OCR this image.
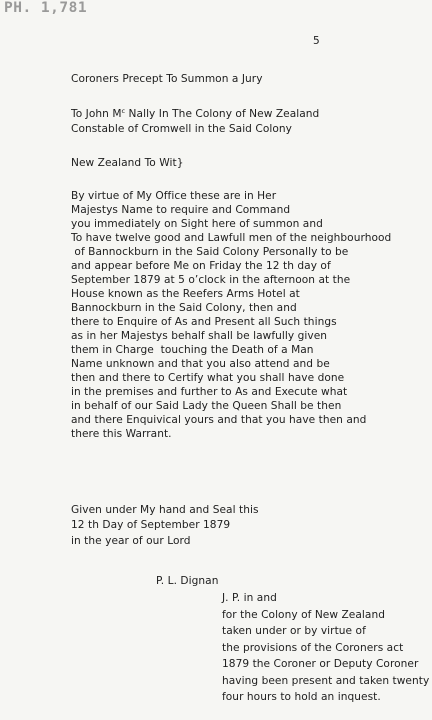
PH. 1,781
5
Coroners Precept To Summon a Jury
To John $M^c$ Nally In The Colony of New Zealand
Constable of Cromwell in the Said Colony
New Zealand To Wit}
By virtue of My Office these are in Her
Majestys Name to require and Command
you immediately on Sight here of summon and
To have twelve good and Lawfull men of the neighbourhood
of Bannockburn in the Said Colony Personally to be
and appear before Me on Friday the 12 th day of
September 1879 at 5 o’clock in the afternoon at the
House known as the Reefers Arms Hotel at
Bannockburn in the Said Colony, then and
there to Enquire of As and Present all Such things
as in her Majestys behalf shall be lawfully given
them in Charge  touching the Death of a Man
Name unknown and that you also attend and be
then and there to Certify what you shall have done
in the premises and further to As and Execute what
in behalf of our Said Lady the Queen Shall be then
and there Enquivical yours and that you have then and
there this Warrant.
Given under My hand and Seal this
12 th Day of September 1879
in the year of our Lord
P. L. Dignan
J. P. in and
for the Colony of New Zealand
taken under or by virtue of
the provisions of the Coroners act
1879 the Coroner or Deputy Coroner
having been present and taken twenty
four hours to hold an inquest.
